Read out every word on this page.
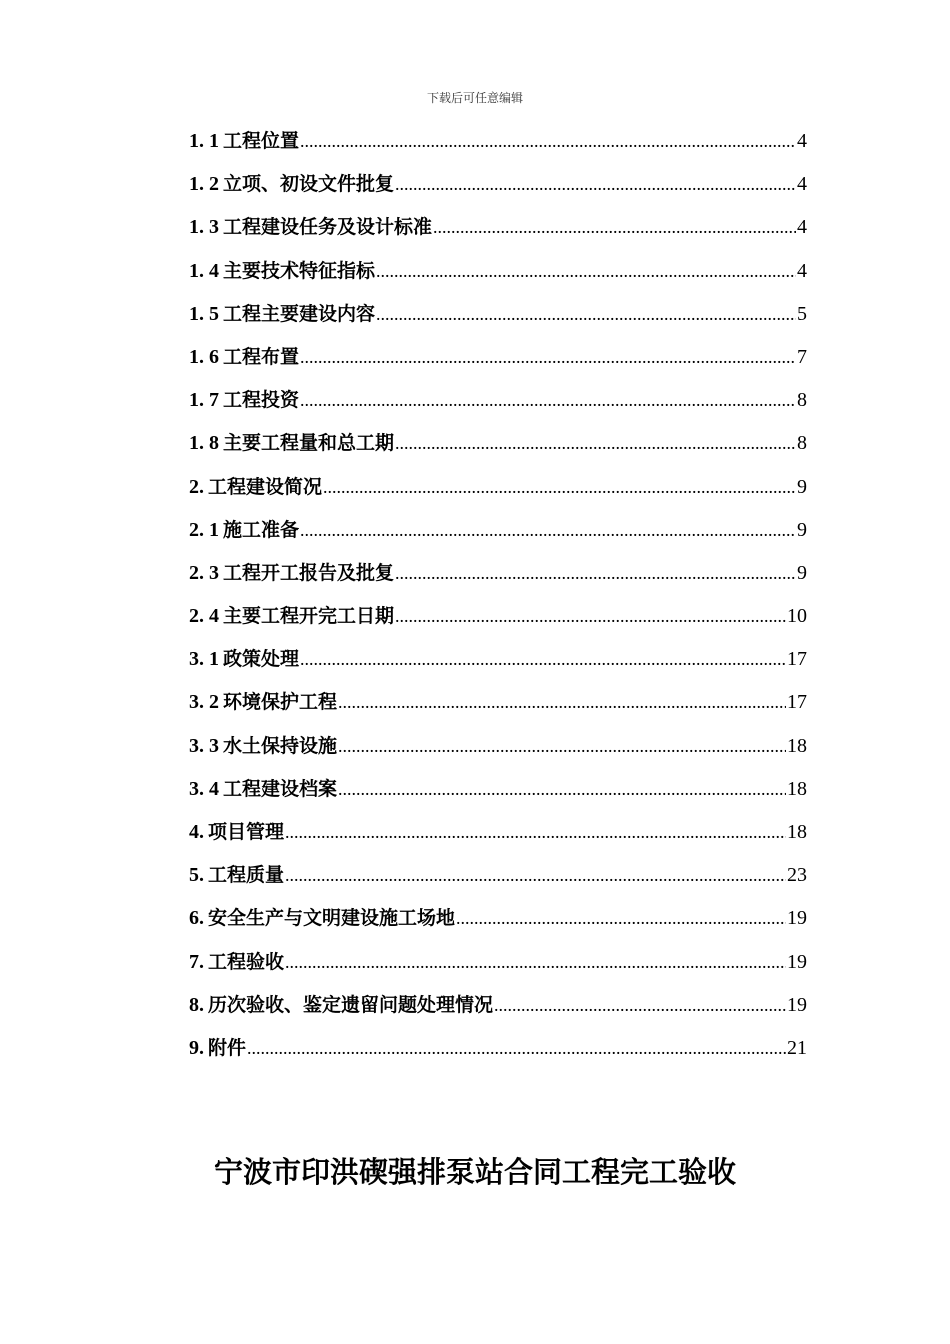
下载后可任意编辑
1. 1 工程位置 .....	4
1. 2 立项、初设文件批复 .....	4
1. 3 工程建设任务及设计标准 .....	4
1. 4 主要技术特征指标 .....	4
1. 5 工程主要建设内容 .....	5
1. 6 工程布置 .....	7
1. 7 工程投资 .....	8
1. 8 主要工程量和总工期 .....	8
2. 工程建设简况 .....	9
2. 1 施工准备 .....	9
2. 3 工程开工报告及批复 .....	9
2. 4 主要工程开完工日期 .....	10
3. 1 政策处理 .....	17
3. 2 环境保护工程 .....	17
3. 3 水土保持设施 .....	18
3. 4 工程建设档案 .....	18
4. 项目管理 .....	18
5. 工程质量 .....	23
6. 安全生产与文明建设施工场地 .....	19
7. 工程验收 .....	19
8. 历次验收、鉴定遗留问题处理情况 .....	19
9. 附件 .....	21
宁波市印洪碶强排泵站合同工程完工验收
